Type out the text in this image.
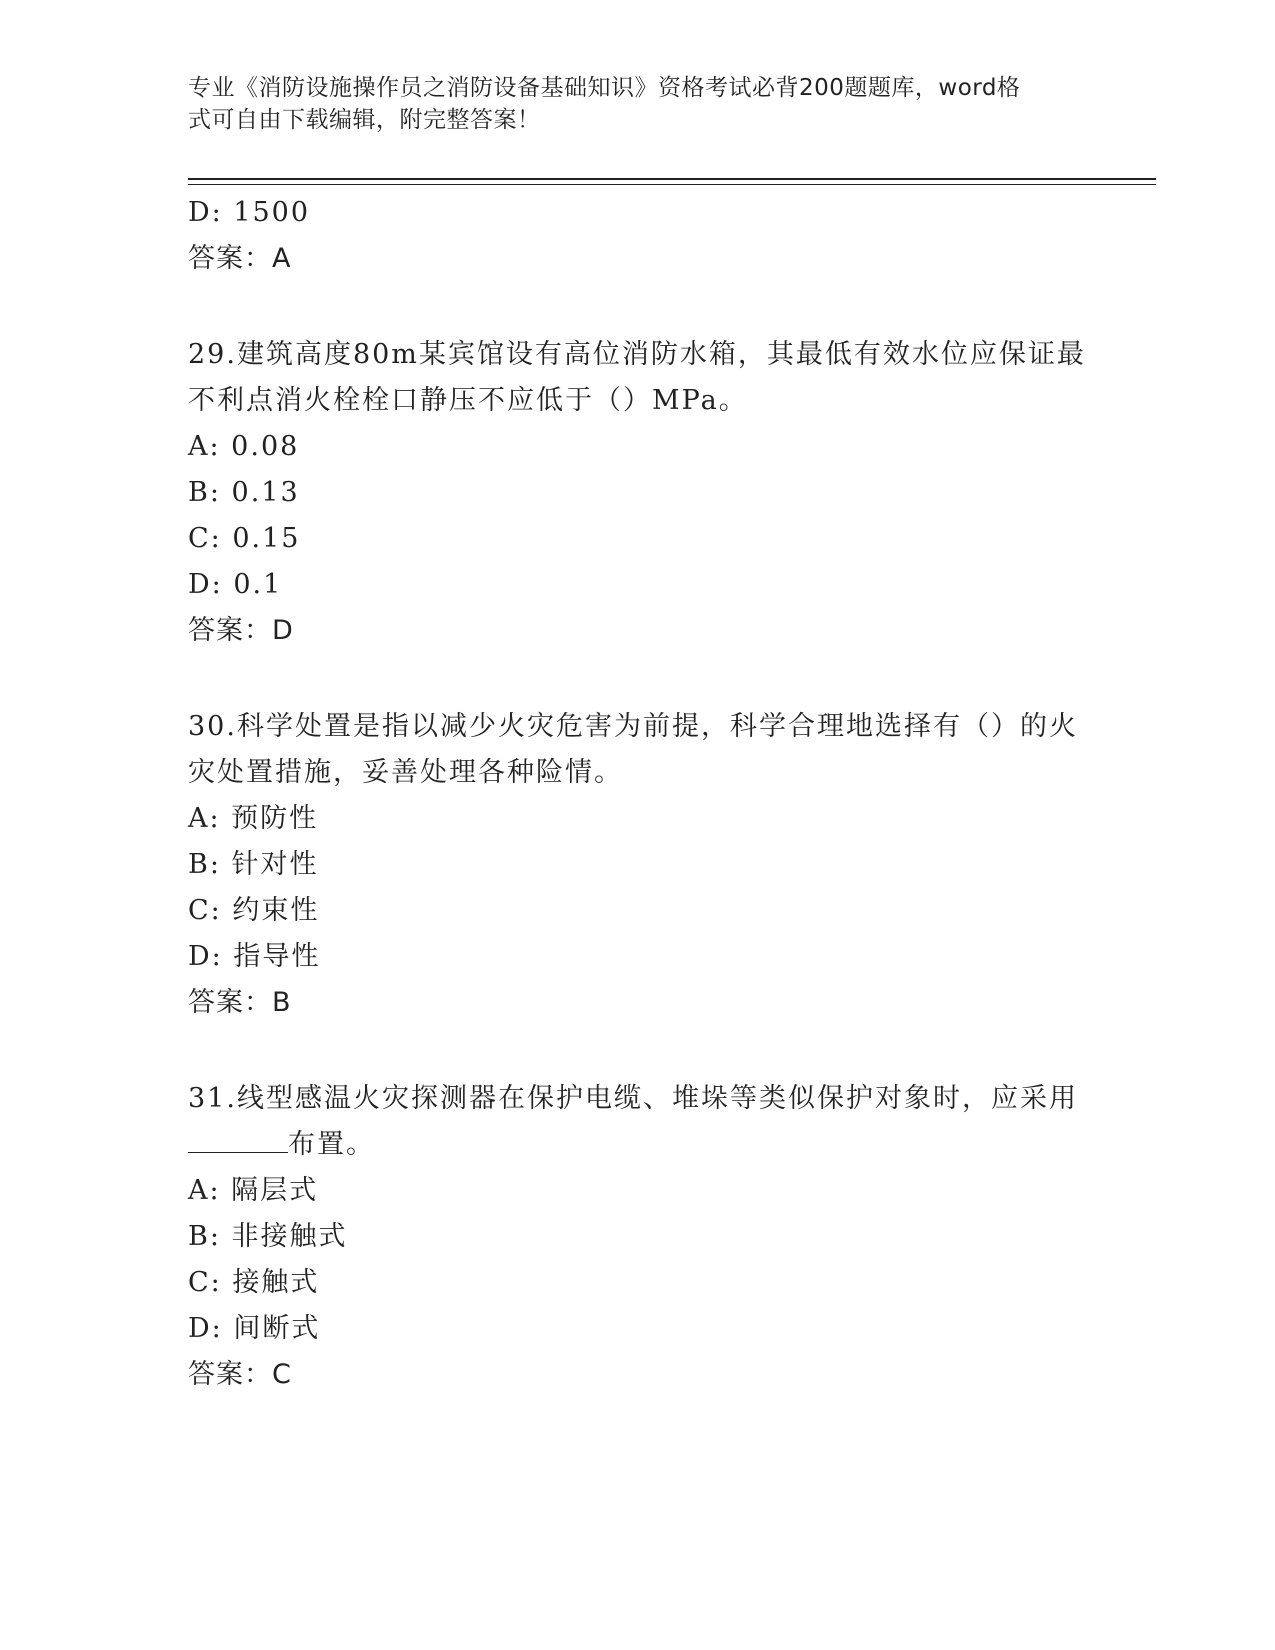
专业《消防设施操作员之消防设备基础知识》资格考试必背200题题库，word格
式可自由下载编辑，附完整答案！
D: 1500
答案：A
29.建筑高度80m某宾馆设有高位消防水箱，其最低有效水位应保证最
不利点消火栓栓口静压不应低于（）MPa。
A: 0.08
B: 0.13
C: 0.15
D: 0.1
答案：D
30.科学处置是指以减少火灾危害为前提，科学合理地选择有（）的火
灾处置措施，妥善处理各种险情。
A: 预防性
B: 针对性
C: 约束性
D: 指导性
答案：B
31.线型感温火灾探测器在保护电缆、堆垛等类似保护对象时，应采用
布置。
A: 隔层式
B: 非接触式
C: 接触式
D: 间断式
答案：C
